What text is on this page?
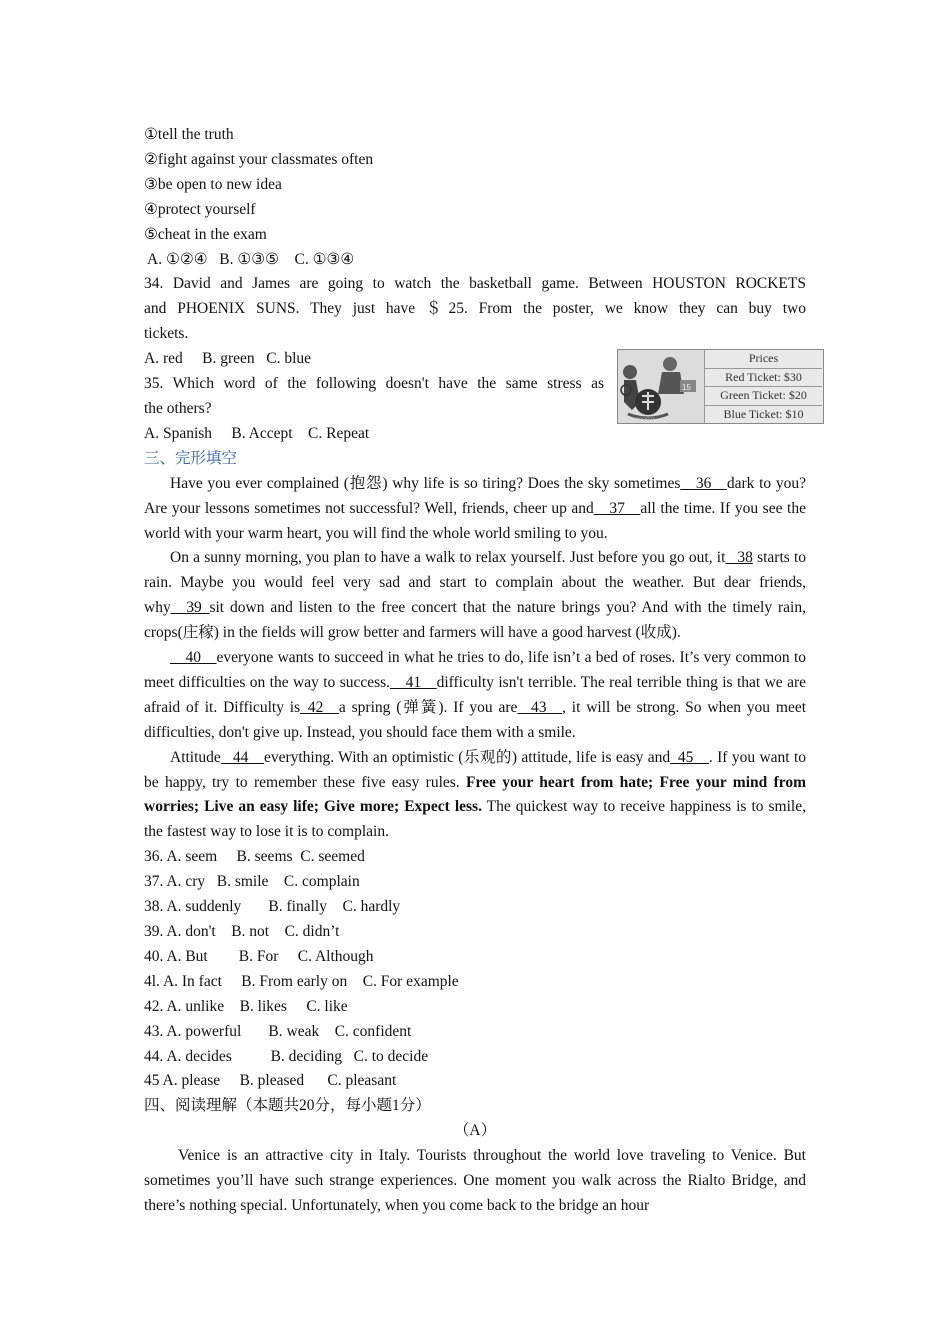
①tell the truth
②fight against your classmates often
③be open to new idea
④protect yourself
⑤cheat in the exam
A. ①②④   B. ①③⑤    C. ①③④
34. David and James are going to watch the basketball game. Between HOUSTON ROCKETS
and PHOENIX SUNS. They just have ＄25. From the poster, we know they can buy two
tickets.
A. red     B. green   C. blue
35. Which word of the following doesn't have the same stress as
the others?
A. Spanish     B. Accept    C. Repeat
三、完形填空

Have you ever complained (抱怨) why life is so tiring? Does the sky sometimes__36__dark to you? Are your lessons sometimes not successful? Well, friends, cheer up and__37__all the time. If you see the world with your warm heart, you will find the whole world smiling to you.

On a sunny morning, you plan to have a walk to relax yourself. Just before you go out, it _38 starts to rain. Maybe you would feel very sad and start to complain about the weather. But dear friends, why__39_sit down and listen to the free concert that the nature brings you? And with the timely rain, crops(庄稼) in the fields will grow better and farmers will have a good harvest (收成).

__40__everyone wants to succeed in what he tries to do, life isn’t a bed of roses. It’s very common to meet difficulties on the way to success.__41__difficulty isn't terrible. The real terrible thing is that we are afraid of it. Difficulty is_42__a spring (弹簧). If you are _43__, it will be strong. So when you meet difficulties, don't give up. Instead, you should face them with a smile.

Attitude _44__everything. With an optimistic (乐观的) attitude, life is easy and_45__. If you want to be happy, try to remember these five easy rules. Free your heart from hate; Free your mind from worries; Live an easy life; Give more; Expect less. The quickest way to receive happiness is to smile, the fastest way to lose it is to complain.

36. A. seem     B. seems  C. seemed
37. A. cry   B. smile    C. complain
38. A. suddenly       B. finally    C. hardly
39. A. don't    B. not    C. didn’t
40. A. But        B. For     C. Although
4l. A. In fact     B. From early on    C. For example
42. A. unlike    B. likes     C. like
43. A. powerful       B. weak    C. confident
44. A. decides          B. deciding   C. to decide
45 A. please     B. pleased      C. pleasant
四、阅读理解（本题共20分，每小题1分）
（A）
Venice is an attractive city in Italy. Tourists throughout the world love traveling to Venice. But sometimes you’ll have such strange experiences. One moment you walk across the Rialto Bridge, and there’s nothing special. Unfortunately, when you come back to the bridge an hour
15
Prices
Red Ticket: $30
Green Ticket: $20
Blue Ticket: $10
ROCKETS
